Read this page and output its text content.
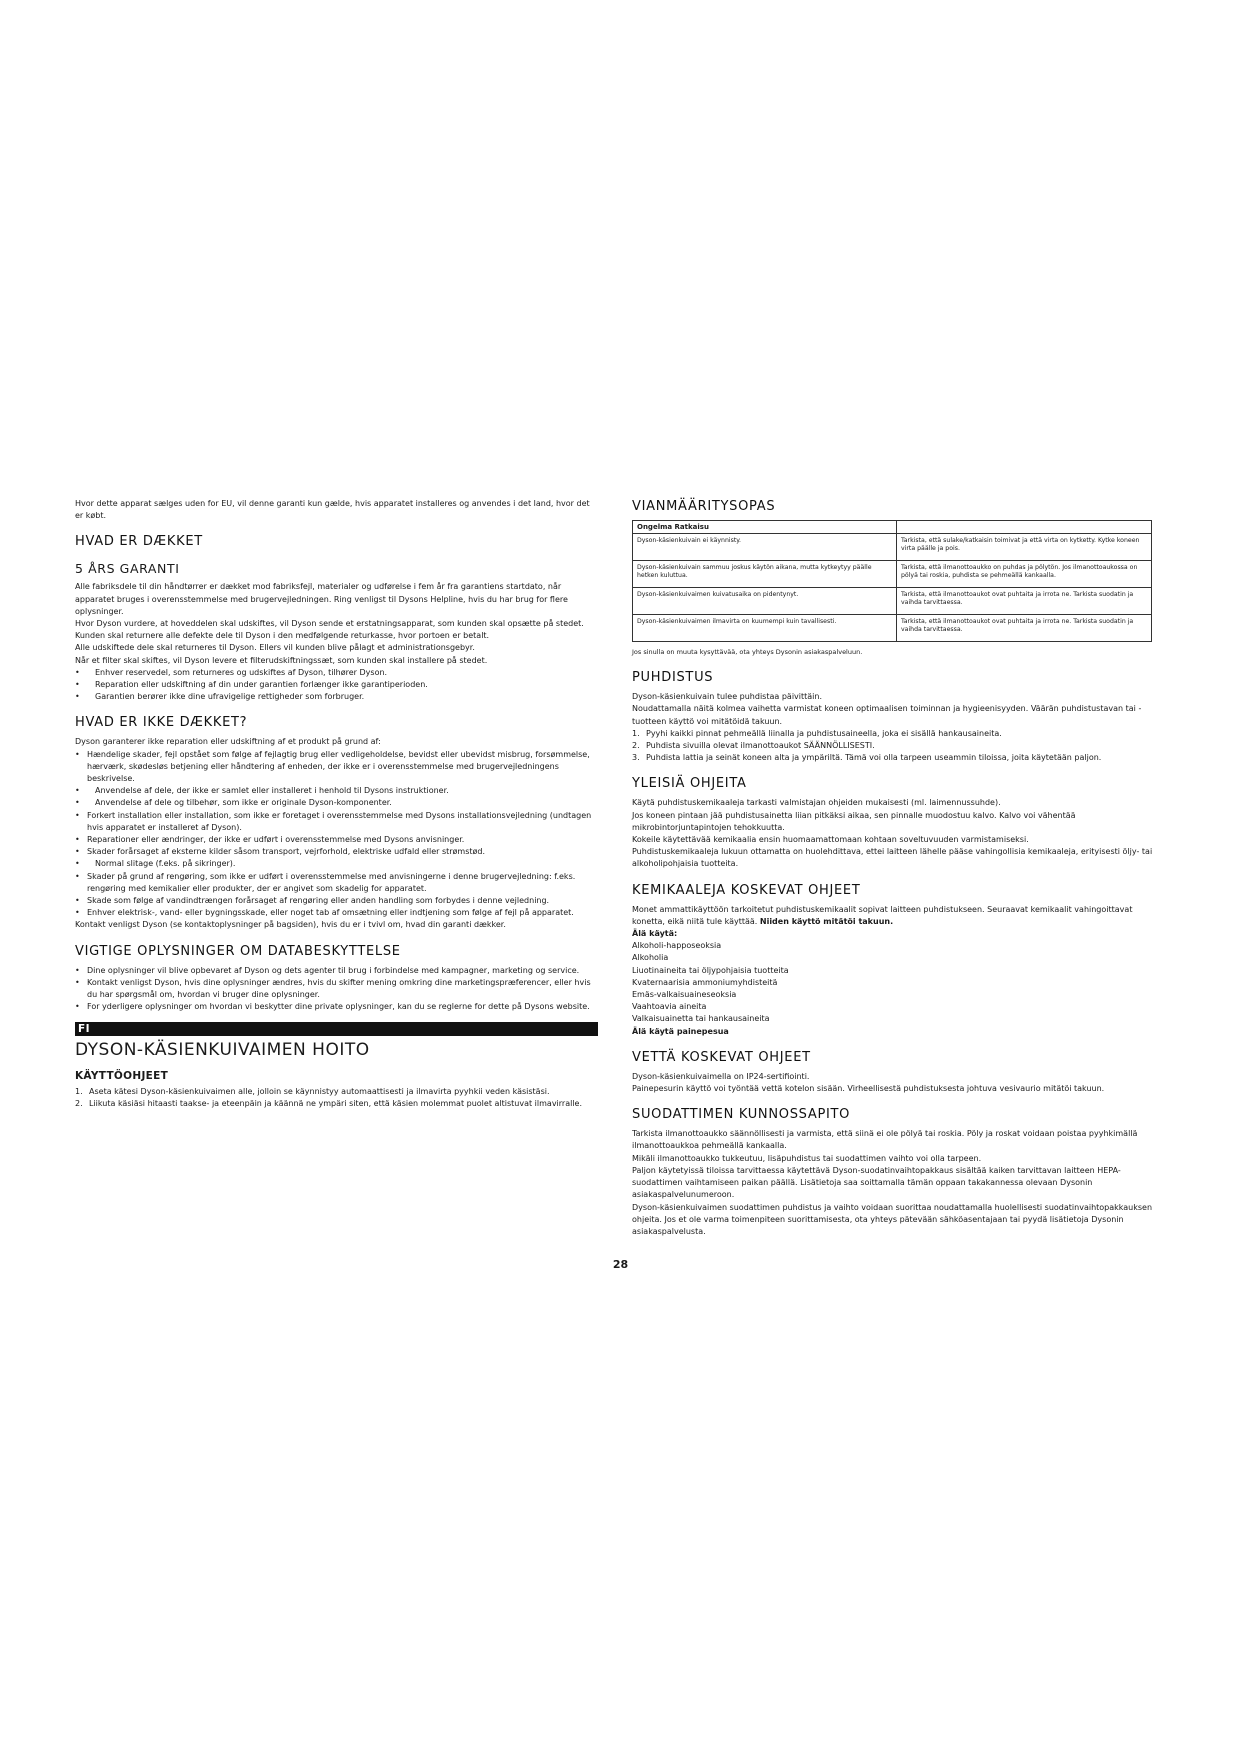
Hvor dette apparat sælges uden for EU, vil denne garanti kun gælde, hvis apparatet installeres og anvendes i det land, hvor det er købt.

HVAD ER DÆKKET
5 ÅRS GARANTI

Alle fabriksdele til din håndtørrer er dækket mod fabriksfejl, materialer og udførelse i fem år fra garantiens startdato, når apparatet bruges i overensstemmelse med brugervejledningen. Ring venligst til Dysons Helpline, hvis du har brug for flere oplysninger.

Hvor Dyson vurdere, at hoveddelen skal udskiftes, vil Dyson sende et erstatningsapparat, som kunden skal opsætte på stedet. Kunden skal returnere alle defekte dele til Dyson i den medfølgende returkasse, hvor portoen er betalt.

Alle udskiftede dele skal returneres til Dyson. Ellers vil kunden blive pålagt et administrationsgebyr.

Når et filter skal skiftes, vil Dyson levere et filterudskiftningssæt, som kunden skal installere på stedet.

• Enhver reservedel, som returneres og udskiftes af Dyson, tilhører Dyson.
• Reparation eller udskiftning af din under garantien forlænger ikke garantiperioden.
• Garantien berører ikke dine ufravigelige rettigheder som forbruger.
HVAD ER IKKE DÆKKET?

Dyson garanterer ikke reparation eller udskiftning af et produkt på grund af:

• Hændelige skader, fejl opstået som følge af fejlagtig brug eller vedligeholdelse, bevidst eller ubevidst misbrug, forsømmelse, hærværk, skødesløs betjening eller håndtering af enheden, der ikke er i overensstemmelse med brugervejledningens beskrivelse.
• Anvendelse af dele, der ikke er samlet eller installeret i henhold til Dysons instruktioner.
• Anvendelse af dele og tilbehør, som ikke er originale Dyson-komponenter.
• Forkert installation eller installation, som ikke er foretaget i overensstemmelse med Dysons installationsvejledning (undtagen hvis apparatet er installeret af Dyson).
• Reparationer eller ændringer, der ikke er udført i overensstemmelse med Dysons anvisninger.
• Skader forårsaget af eksterne kilder såsom transport, vejrforhold, elektriske udfald eller strømstød.
• Normal slitage (f.eks. på sikringer).
• Skader på grund af rengøring, som ikke er udført i overensstemmelse med anvisningerne i denne brugervejledning: f.eks. rengøring med kemikalier eller produkter, der er angivet som skadelig for apparatet.
• Skade som følge af vandindtrængen forårsaget af rengøring eller anden handling som forbydes i denne vejledning.
• Enhver elektrisk-, vand- eller bygningsskade, eller noget tab af omsætning eller indtjening som følge af fejl på apparatet.

Kontakt venligst Dyson (se kontaktoplysninger på bagsiden), hvis du er i tvivl om, hvad din garanti dækker.

VIGTIGE OPLYSNINGER OM DATABESKYTTELSE
• Dine oplysninger vil blive opbevaret af Dyson og dets agenter til brug i forbindelse med kampagner, marketing og service.
• Kontakt venligst Dyson, hvis dine oplysninger ændres, hvis du skifter mening omkring dine marketingspræferencer, eller hvis du har spørgsmål om, hvordan vi bruger dine oplysninger.
• For yderligere oplysninger om hvordan vi beskytter dine private oplysninger, kan du se reglerne for dette på Dysons website.
FI
DYSON-KÄSIENKUIVAIMEN HOITO
KÄYTTÖOHJEET
1. Aseta kätesi Dyson-käsienkuivaimen alle, jolloin se käynnistyy automaattisesti ja ilmavirta pyyhkii veden käsistäsi.
2. Liikuta käsiäsi hitaasti taakse- ja eteenpäin ja käännä ne ympäri siten, että käsien molemmat puolet altistuvat ilmavirralle.
VIANMÄÄRITYSOPAS
Ongelma Ratkaisu	
Dyson-käsienkuivain ei käynnisty.	Tarkista, että sulake/katkaisin toimivat ja että virta on kytketty. Kytke koneen virta päälle ja pois.
Dyson-käsienkuivain sammuu joskus käytön aikana, mutta kytkeytyy päälle hetken kuluttua.	Tarkista, että ilmanottoaukko on puhdas ja pölytön. Jos ilmanottoaukossa on pölyä tai roskia, puhdista se pehmeällä kankaalla.
Dyson-käsienkuivaimen kuivatusaika on pidentynyt.	Tarkista, että ilmanottoaukot ovat puhtaita ja irrota ne. Tarkista suodatin ja vaihda tarvittaessa.
Dyson-käsienkuivaimen ilmavirta on kuumempi kuin tavallisesti.	Tarkista, että ilmanottoaukot ovat puhtaita ja irrota ne. Tarkista suodatin ja vaihda tarvittaessa.

Jos sinulla on muuta kysyttävää, ota yhteys Dysonin asiakaspalveluun.

PUHDISTUS

Dyson-käsienkuivain tulee puhdistaa päivittäin.

Noudattamalla näitä kolmea vaihetta varmistat koneen optimaalisen toiminnan ja hygieenisyyden. Väärän puhdistustavan tai -tuotteen käyttö voi mitätöidä takuun.

1. Pyyhi kaikki pinnat pehmeällä liinalla ja puhdistusaineella, joka ei sisällä hankausaineita.
2. Puhdista sivuilla olevat ilmanottoaukot SÄÄNNÖLLISESTI.
3. Puhdista lattia ja seinät koneen alta ja ympäriltä. Tämä voi olla tarpeen useammin tiloissa, joita käytetään paljon.
YLEISIÄ OHJEITA

Käytä puhdistuskemikaaleja tarkasti valmistajan ohjeiden mukaisesti (ml. laimennussuhde).

Jos koneen pintaan jää puhdistusainetta liian pitkäksi aikaa, sen pinnalle muodostuu kalvo. Kalvo voi vähentää mikrobintorjuntapintojen tehokkuutta.

Kokeile käytettävää kemikaalia ensin huomaamattomaan kohtaan soveltuvuuden varmistamiseksi.

Puhdistuskemikaaleja lukuun ottamatta on huolehdittava, ettei laitteen lähelle pääse vahingollisia kemikaaleja, erityisesti öljy- tai alkoholipohjaisia tuotteita.

KEMIKAALEJA KOSKEVAT OHJEET

Monet ammattikäyttöön tarkoitetut puhdistuskemikaalit sopivat laitteen puhdistukseen. Seuraavat kemikaalit vahingoittavat konetta, eikä niitä tule käyttää. Niiden käyttö mitätöi takuun.

Älä käytä:

Alkoholi-happoseoksia

Alkoholia

Liuotinaineita tai öljypohjaisia tuotteita

Kvaternaarisia ammoniumyhdisteitä

Emäs-valkaisuaineseoksia

Vaahtoavia aineita

Valkaisuainetta tai hankausaineita

Älä käytä painepesua

VETTÄ KOSKEVAT OHJEET

Dyson-käsienkuivaimella on IP24-sertifiointi.

Painepesurin käyttö voi työntää vettä kotelon sisään. Virheellisestä puhdistuksesta johtuva vesivaurio mitätöi takuun.

SUODATTIMEN KUNNOSSAPITO

Tarkista ilmanottoaukko säännöllisesti ja varmista, että siinä ei ole pölyä tai roskia. Pöly ja roskat voidaan poistaa pyyhkimällä ilmanottoaukkoa pehmeällä kankaalla.

Mikäli ilmanottoaukko tukkeutuu, lisäpuhdistus tai suodattimen vaihto voi olla tarpeen.

Paljon käytetyissä tiloissa tarvittaessa käytettävä Dyson-suodatinvaihtopakkaus sisältää kaiken tarvittavan laitteen HEPA-suodattimen vaihtamiseen paikan päällä. Lisätietoja saa soittamalla tämän oppaan takakannessa olevaan Dysonin asiakaspalvelunumeroon.

Dyson-käsienkuivaimen suodattimen puhdistus ja vaihto voidaan suorittaa noudattamalla huolellisesti suodatinvaihtopakkauksen ohjeita. Jos et ole varma toimenpiteen suorittamisesta, ota yhteys pätevään sähköasentajaan tai pyydä lisätietoja Dysonin asiakaspalvelusta.

28
